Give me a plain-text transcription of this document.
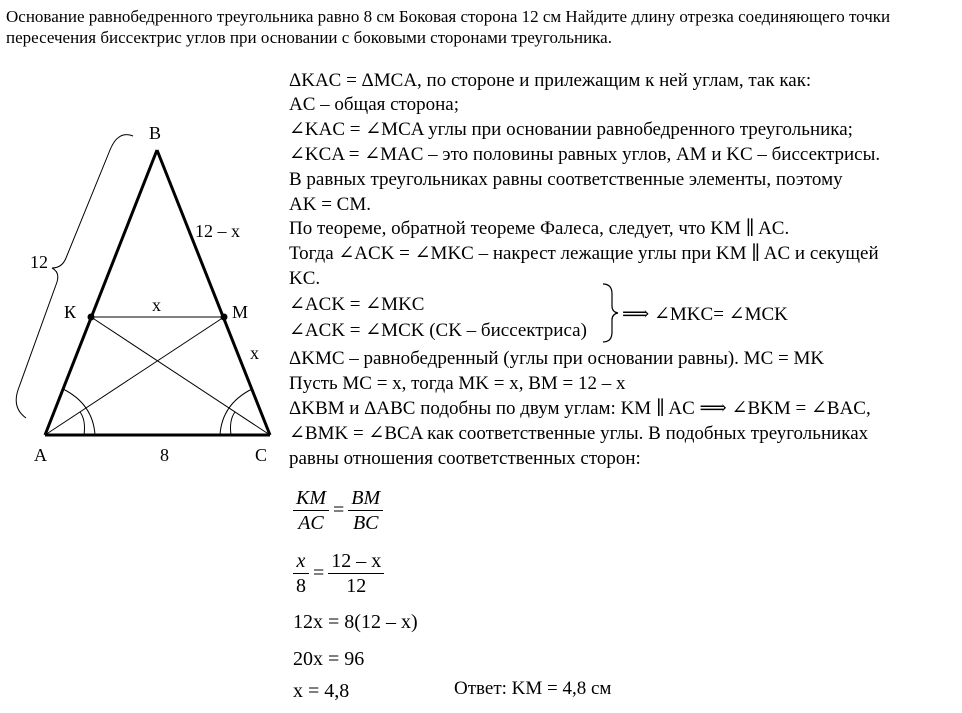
Основание равнобедренного треугольника равно 8 см Боковая сторона 12 см Найдите длину отрезка соединяющего точки пересечения биссектрис углов при основании с боковыми сторонами треугольника.
B
A	C
К	M
12
12 – x
x
x
8
ΔKAC = ΔMCA, по стороне и прилежащим к ней углам, так как:
AC – общая сторона;
∠KAC = ∠MCA углы при основании равнобедренного треугольника;
∠KCA = ∠MAC – это половины равных углов, AM и KC – биссектрисы.
В равных треугольниках равны соответственные элементы, поэтому
AK = CM.
По теореме, обратной теореме Фалеса, следует, что KM ∥ AC.
Тогда ∠ACK = ∠MKC – накрест лежащие углы при KM ∥ AC и секущей
KC.
∠ACK = ∠MKC
∠ACK = ∠MCK (CK – биссектриса)
⟹ ∠MKC= ∠MCK
ΔKMC – равнобедренный (углы при основании равны). MC = MK
Пусть MC = x, тогда MK = x, BM = 12 – x
ΔKBM и ΔABC подобны по двум углам: KM ∥ AC ⟹ ∠BKM = ∠BAC,
∠BMK = ∠BCA как соответственные углы. В подобных треугольниках
равны отношения соответственных сторон:
$\frac{KM}{AC} = \frac{BM}{BC}$
$\frac{x}{8} = \frac{12 - x}{12}$
12x = 8(12 – x)
20x = 96
x = 4,8	Ответ: KM = 4,8 см
